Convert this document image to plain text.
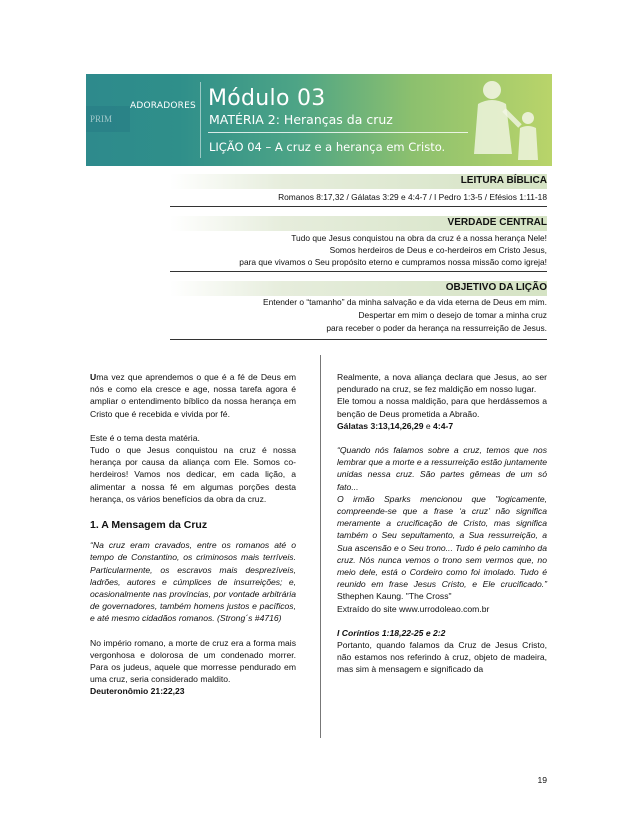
PRIM
ADORADORES Módulo 03
MATÉRIA 2: Heranças da cruz
LIÇÃO 04 – A cruz e a herança em Cristo.
LEITURA BÍBLICA
Romanos 8:17,32 / Gálatas 3:29 e 4:4-7 / I Pedro 1:3-5 / Efésios 1:11-18
VERDADE CENTRAL
Tudo que Jesus conquistou na obra da cruz é a nossa herança Nele!
Somos herdeiros de Deus e co-herdeiros em Cristo Jesus,
para que vivamos o Seu propósito eterno e cumpramos nossa missão como igreja!
OBJETIVO DA LIÇÃO
Entender o “tamanho” da minha salvação e da vida eterna de Deus em mim.
Despertar em mim o desejo de tomar a minha cruz
para receber o poder da herança na ressurreição de Jesus.

Uma vez que aprendemos o que é a fé de Deus em nós e como ela cresce e age, nossa tarefa agora é ampliar o entendimento bíblico da nossa herança em Cristo que é recebida e vivida por fé.

Este é o tema desta matéria.

Tudo o que Jesus conquistou na cruz é nossa herança por causa da aliança com Ele. Somos co-herdeiros! Vamos nos dedicar, em cada lição, a alimentar a nossa fé em algumas porções desta herança, os vários benefícios da obra da cruz.

1. A Mensagem da Cruz

“Na cruz eram cravados, entre os romanos até o tempo de Constantino, os criminosos mais terríveis. Particularmente, os escravos mais desprezíveis, ladrões, autores e cúmplices de insurreições; e, ocasionalmente nas províncias, por vontade arbitrária de governadores, também homens justos e pacíficos, e até mesmo cidadãos romanos. (Strong´s #4716)

No império romano, a morte de cruz era a forma mais vergonhosa e dolorosa de um condenado morrer. Para os judeus, aquele que morresse pendurado em uma cruz, seria considerado maldito.

Deuteronômio 21:22,23

Realmente, a nova aliança declara que Jesus, ao ser pendurado na cruz, se fez maldição em nosso lugar.

Ele tomou a nossa maldição, para que herdássemos a benção de Deus prometida a Abraão.

Gálatas 3:13,14,26,29 e 4:4-7

“Quando nós falamos sobre a cruz, temos que nos lembrar que a morte e a ressurreição estão juntamente unidas nessa cruz. São partes gêmeas de um só fato...

O irmão Sparks mencionou que "logicamente, compreende-se que a frase ‘a cruz’ não significa meramente a crucificação de Cristo, mas significa também o Seu sepultamento, a Sua ressurreição, a Sua ascensão e o Seu trono... Tudo é pelo caminho da cruz. Nós nunca vemos o trono sem vermos que, no meio dele, está o Cordeiro como foi imolado. Tudo é reunido em frase Jesus Cristo, e Ele crucificado.” Sthephen Kaung. "The Cross"

Extraído do site www.urrodoleao.com.br

I Coríntios 1:18,22-25 e 2:2

Portanto, quando falamos da Cruz de Jesus Cristo, não estamos nos referindo à cruz, objeto de madeira, mas sim à mensagem e significado da

19
